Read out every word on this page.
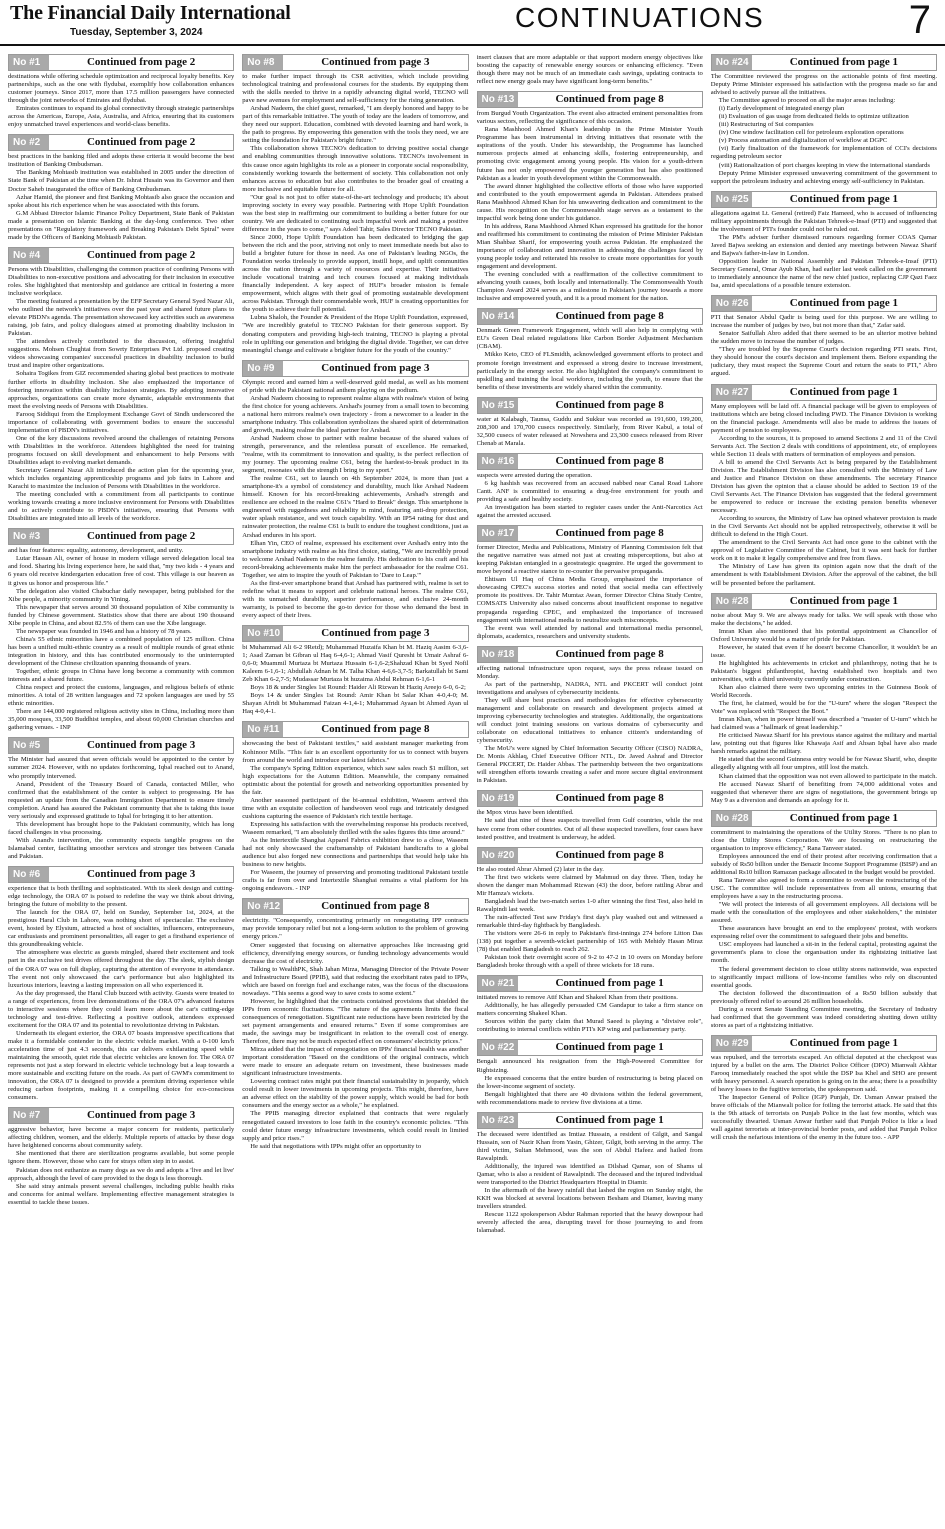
The Financial Daily International
Tuesday, September 3, 2024	CONTINUATIONS	7
No #1	Continued from page 2

destinations while offering schedule optimization and reciprocal loyalty benefits. Key partnerships, such as the one with flydubai, exemplify how collaboration enhances customer journeys. Since 2017, more than 17.5 million passengers have connected through the joint networks of Emirates and flydubai.

Emirates continues to expand its global connectivity through strategic partnerships across the Americas, Europe, Asia, Australia, and Africa, ensuring that its customers enjoy unmatched travel experiences and world-class benefits.

No #2	Continued from page 2

best practices in the banking filed and adopts these criteria it would become the best institution of Banking Ombudsman.

The Banking Mohtasib institution was established in 2005 under the direction of State Bank of Pakistan at the time when Dr. Ishrat Husain was its Governor and then Doctor Saheb inaugurated the office of Banking Ombudsman.

Azhar Hamid, the pioneer and first Banking Mohtasib also grace the occasion and spoke about his rich experience when he was associated with this forum.

G.M Abbasi Director Islamic Finance Policy Department, State Bank of Pakistan made a presentation on Islamic Banking at the day-long conference. Two other presentations on "Regulatory framework and Breaking Pakistan's Debt Spiral" were made by the Officers of Banking Mohtasib Pakistan.

No #4	Continued from page 2

Persons with Disabilities, challenging the common practice of confining Persons with Disabilities to non-executive positions and advocating for their inclusion in executive roles. She highlighted that mentorship and guidance are critical in fostering a more inclusive workplace.

The meeting featured a presentation by the EFP Secretary General Syed Nazar Ali, who outlined the network's initiatives over the past year and shared future plans to elevate PBDN's agenda. The presentation showcased key activities such as awareness raising, job fairs, and policy dialogues aimed at promoting disability inclusion in Pakistan.

The attendees actively contributed to the discussion, offering insightful suggestions. Mohsen Chughtai from Sowrty Enterprises Pvt Ltd. proposed creating videos showcasing companies' successful practices in disability inclusion to build trust and inspire other organizations.

Sohaira Togikes from GIZ recommended sharing global best practices to motivate further efforts in disability inclusion. She also emphasized the importance of fostering innovation within disability inclusion strategies. By adopting innovative approaches, organizations can create more dynamic, adaptable environments that meet the evolving needs of Persons with Disabilities.

Farooq Siddiqui from the Employment Exchange Govt of Sindh underscored the importance of collaborating with government bodies to ensure the successful implementation of PBDN's initiatives.

One of the key discussions revolved around the challenges of retaining Persons with Disabilities in the workforce. Attendees highlighted the need for training programs focused on skill development and enhancement to help Persons with Disabilities adapt to evolving market demands.

Secretary General Nazar Ali introduced the action plan for the upcoming year, which includes organizing apprenticeship programs and job fairs in Lahore and Karachi to maximize the inclusion of Persons with Disabilities in the workforce.

The meeting concluded with a commitment from all participants to continue working towards creating a more inclusive environment for Persons with Disabilities and to actively contribute to PBDN's initiatives, ensuring that Persons with Disabilities are integrated into all levels of the workforce.

No #3	Continued from page 2

and has four features: equality, autonomy, development, and unity.

Lutar Hassan Ali, owner of house in modern village served delegation local tea and food. Sharing his living experience here, he said that, "my two kids - 4 years and 6 years old receive kindergarten education free of cost. This village is our heaven as it gives us honor and prosperous life."

The delegation also visited Chabuchar daily newspaper, being published for the Xibe people, a minority community in Yining.

This newspaper that serves around 30 thousand population of Xibe community is funded by Chinese government. Statistics show that there are about 190 thousand Xibe people in China, and about 82.5% of them can use the Xibe language.

The newspaper was founded in 1946 and has a history of 78 years.

China's 55 ethnic minorities have a combined population of 125 million. China has been a unified multi-ethnic country as a result of multiple rounds of great ethnic integration in history, and this has contributed enormously to the uninterrupted development of the Chinese civilization spanning thousands of years.

Together, ethnic groups in China have long become a community with common interests and a shared future.

China respect and protect the customs, languages, and religious beliefs of ethnic minorities. A total of 28 written languages and 72 spoken languages are used by 55 ethnic minorities.

There are 144,000 registered religious activity sites in China, including more than 35,000 mosques, 33,500 Buddhist temples, and about 60,000 Christian churches and gathering venues. - INP

No #5	Continued from page 3

The Minister had assured that seven officials would be appointed to the center by summer 2024. However, with no updates forthcoming, Iqbal reached out to Anand, who promptly intervened.

Anand, President of the Treasury Board of Canada, contacted Miller, who confirmed that the establishment of the center is subject to progressing. He has requested an update from the Canadian Immigration Department to ensure timely completion. Anand has assured the Pakistani community that she is taking this issue very seriously and expressed gratitude to Iqbal for bringing it to her attention.

This development has brought hope to the Pakistani community, which has long faced challenges in visa processing.

With Anand's intervention, the community expects tangible progress on the Islamabad center, facilitating smoother services and stronger ties between Canada and Pakistan.

No #6	Continued from page 3

experience that is both thrilling and sophisticated. With its sleek design and cutting-edge technology, the ORA 07 is poised to redefine the way we think about driving, bringing the future of mobility to the present.

The launch for the ORA 07, held on Sunday, September 1st, 2024, at the prestigious Haral Club in Lahore, was nothing short of spectacular. The exclusive event, hosted by Elysium, attracted a host of socialites, influencers, entrepreneurs, car enthusiasts and prominent personalities, all eager to get a firsthand experience of this groundbreaking vehicle.

The atmosphere was electric as guests mingled, shared their excitement and took part in the exclusive test drives offered throughout the day. The sleek, stylish design of the ORA 07 was on full display, capturing the attention of everyone in attendance. The event not only showcased the car's performance but also highlighted its luxurious interiors, leaving a lasting impression on all who experienced it.

As the day progressed, the Haral Club buzzed with activity. Guests were treated to a range of experiences, from live demonstrations of the ORA 07's advanced features to interactive sessions where they could learn more about the car's cutting-edge technology and test-drive. Reflecting a positive outlook, attendees expressed excitement for the ORA 07 and its potential to revolutionize driving in Pakistan.

Underneath its elegant exterior, the ORA 07 boasts impressive specifications that make it a formidable contender in the electric vehicle market. With a 0-100 km/h acceleration time of just 4.3 seconds, this car delivers exhilarating speed while maintaining the smooth, quiet ride that electric vehicles are known for. The ORA 07 represents not just a step forward in electric vehicle technology but a leap towards a more sustainable and exciting future on the roads. As part of GWM's commitment to innovation, the ORA 07 is designed to provide a premium driving experience while reducing carbon footprints, making it a compelling choice for eco-conscious consumers.

No #7	Continued from page 3

aggressive behavior, have become a major concern for residents, particularly affecting children, women, and the elderly. Multiple reports of attacks by these dogs have heightened concerns about community safety.

She mentioned that there are sterilization programs available, but some people ignore them. However, those who care for strays often step in to assist.

Pakistan does not euthanize as many dogs as we do and adopts a 'live and let live' approach, although the level of care provided to the dogs is less thorough.

She said stray animals present several challenges, including public health risks and concerns for animal welfare. Implementing effective management strategies is essential to tackle these issues.

No #8	Continued from page 3

to make further impact through its CSR activities, which include providing technological training and professional courses for the students. By equipping them with the skills needed to thrive in a rapidly advancing digital world, TECNO will pave new avenues for employment and self-sufficiency for the rising generation.

Arshad Nadeem, the chief guest, remarked, "I am deeply honored and happy to be part of this remarkable initiative. The youth of today are the leaders of tomorrow, and they need our support. Education, combined with devoted learning and hard work, is the path to progress. By empowering this generation with the tools they need, we are setting the foundation for Pakistan's bright future."

This collaboration shows TECNO's dedication to driving positive social change and enabling communities through innovative solutions. TECNO's involvement in this cause once again highlights its role as a pioneer in corporate social responsibility, consistently working towards the betterment of society. This collaboration not only enhances access to education but also contributes to the broader goal of creating a more inclusive and equitable future for all.

"Our goal is not just to offer state-of-the-art technology and products; it's about improving society in every way possible. Partnering with Hope Uplift Foundation was the best step in reaffirming our commitment to building a better future for our country. We are dedicated to continuing such impactful work and making a positive difference in the years to come," says Adeel Tahir, Sales Director TECNO Pakistan.

Since 2000, Hope Uplift Foundation has been dedicated to bridging the gap between the rich and the poor, striving not only to meet immediate needs but also to build a brighter future for those in need. As one of Pakistan's leading NGOs, the Foundation works tirelessly to provide support, instill hope, and uplift communities across the nation through a variety of resources and expertise. Their initiatives include vocational training and tech courses focused at making individuals financially independent. A key aspect of HUF's broader mission is female empowerment, which aligns with their goal of promoting sustainable development across Pakistan. Through their commendable work, HUF is creating opportunities for the youth to achieve their full potential.

Lubna Shaloh, the Founder & President of the Hope Uplift Foundation, expressed, "We are incredibly grateful to TECNO Pakistan for their generous support. By donating computers and providing high-tech training, TECNO is playing a pivotal role in uplifting our generation and bridging the digital divide. Together, we can drive meaningful change and cultivate a brighter future for the youth of the country."

No #9	Continued from page 3

Olympic record and earned him a well-deserved gold medal, as well as his moment of pride with the Pakistani national anthem playing on the podium.

Arshad Nadeem choosing to represent realme aligns with realme's vision of being the first choice for young achievers. Arshad's journey from a small town to becoming a national hero mirrors realme's own trajectory - from a newcomer to a leader in the smartphone industry. This collaboration symbolizes the shared spirit of determination and growth, making realme the ideal partner for Arshad.

Arshad Nadeem chose to partner with realme because of the shared values of strength, perseverance, and the relentless pursuit of excellence. He remarked, "realme, with its commitment to innovation and quality, is the perfect reflection of my journey. The upcoming realme C61, being the hardest-to-break product in its segment, resonates with the strength I bring to my sport."

The realme C61, set to launch on 4th September 2024, is more than just a smartphone-it's a symbol of consistency and durability, much like Arshad Nadeem himself. Known for his record-breaking achievements, Arshad's strength and resilience are echoed in the realme C61's "Hard to Break" design. This smartphone is engineered with ruggedness and reliability in mind, featuring anti-drop protection, water splash resistance, and wet touch capability. With an IP54 rating for dust and rainwater protection, the realme C61 is built to endure the toughest conditions, just as Arshad endures in his sport.

Elhan Yin, CEO of realme, expressed his excitement over Arshad's entry into the smartphone industry with realme as his first choice, stating, "We are incredibly proud to welcome Arshad Nadeem to the realme family. His dedication to his craft and his record-breaking achievements make him the perfect ambassador for the realme C61. Together, we aim to inspire the youth of Pakistan to 'Dare to Leap.'"

As the first-ever smartphone brand that Arshad has partnered with, realme is set to redefine what it means to support and celebrate national heroes. The realme C61, with its unmatched durability, superior performance, and exclusive 24-month warranty, is poised to become the go-to device for those who demand the best in every aspect of their lives.

No #10	Continued from page 3

bi Muhammad Ali 6-2 9Retd); Muhammad Huzaifa Khan bt M. Haziq Aasim 6-3,6-1; Asad Zaman bt Gibran ul Haq 6-4,6-1; Ahmad Vasif Qureshi bt Umair Ashraf 6-0,6-0; Muammil Murtaza bt Murtaza Hussain 6-1,6-2;Shahzad Khan bt Syed Nofil Kaleem 6-1,6-1; Abdullah Adnan bt M. Talha Khan 4-6,6-3,7-5; Barkatullah bt Sami Zeb Khan 6-2,7-5; Mudassar Murtaza bt huzaima Abdul Rehman 6-1,6-1

Boys 18 & under Singles 1st Round: Haider Ali Rizwan bt Haziq Areejo 6-0, 6-2;

Boys 14 & under Singles 1st Round: Amir Khan bt Salar Khan 4-0,4-0; M. Shayan Afridi bt Muhammad Faizan 4-1,4-1; Muhammad Ayaan bt Ahmed Ayan ul Haq 4-0,4-1.

No #11	Continued from page 8

showcasing the best of Pakistani textiles," said assistant manager marketing from Kohinoor Mills. "This fair is an excellent opportunity for us to connect with buyers from around the world and introduce our latest fabrics."

The company's Spring Edition experience, which saw sales reach $1 million, set high expectations for the Autumn Edition. Meanwhile, the company remained optimistic about the potential for growth and networking opportunities presented by the fair.

Another seasoned participant of the bi-annual exhibition, Waseem arrived this time with an exquisite collection of handwoven wool rugs and intricately designed cushions capturing the essence of Pakistan's rich textile heritage.

Expressing his satisfaction with the overwhelming response his products received, Waseem remarked, "I am absolutely thrilled with the sales figures this time around."

As the Intertextile Shanghai Apparel Fabrics exhibition drew to a close, Waseem had not only showcased the craftsmanship of Pakistani handicrafts to a global audience but also forged new connections and partnerships that would help take his business to new heights.

For Waseem, the journey of preserving and promoting traditional Pakistani textile crafts is far from over and Intertextile Shanghai remains a vital platform for his ongoing endeavors. - INP

No #12	Continued from page 8

electricity. "Consequently, concentrating primarily on renegotiating IPP contracts may provide temporary relief but not a long-term solution to the problem of growing energy prices."

Omer suggested that focusing on alternative approaches like increasing grid efficiency, diversifying energy sources, or funding technology advancements would decrease the cost of electricity.

Talking to WealthPK, Shah Jahan Mirza, Managing Director of the Private Power and Infrastructure Board (PPIB), said that reducing the exorbitant rates paid to IPPs, which are based on foreign fuel and exchange rates, was the focus of the discussions nowadays. "This seems a good way to save costs to some extent."

However, he highlighted that the contracts contained provisions that shielded the IPPs from economic fluctuations. "The nature of the agreements limits the fiscal consequences of renegotiation. Significant rate reductions have been restricted by the set payment arrangements and ensured returns." Even if some compromises are made, the savings may be insignificant in relation to the overall cost of energy. Therefore, there may not be much expected effect on consumers' electricity prices."

Mirza added that the impact of renegotiation on IPPs' financial health was another important consideration "Based on the conditions of the original contracts, which were made to ensure an adequate return on investment, these businesses made significant infrastructure investments.

Lowering contract rates might put their financial sustainability in jeopardy, which could result in lower investments in upcoming projects. This might, therefore, have an adverse effect on the stability of the power supply, which would be bad for both consumers and the energy sector as a whole," he explained.

The PPIB managing director explained that contracts that were regularly renegotiated caused investors to lose faith in the country's economic policies. "This could deter future energy infrastructure investments, which could result in limited supply and price rises."

He said that negotiations with IPPs might offer an opportunity to

insert clauses that are more adaptable or that support modern energy objectives like boosting the capacity of renewable energy sources or enhancing efficiency. "Even though there may not be much of an immediate cash savings, updating contracts to reflect new energy goals may have significant long-term benefits."

No #13	Continued from page 8

from Burgud Youth Organization. The event also attracted eminent personalities from various sectors, reflecting the significance of this occasion.

Rana Mashhood Ahmed Khan's leadership in the Prime Minister Youth Programme has been instrumental in driving initiatives that resonate with the aspirations of the youth. Under his stewardship, the Programme has launched numerous projects aimed at enhancing skills, fostering entrepreneurship, and promoting civic engagement among young people. His vision for a youth-driven future has not only empowered the younger generation but has also positioned Pakistan as a leader in youth development within the Commonwealth.

The award dinner highlighted the collective efforts of those who have supported and contributed to the youth empowerment agenda in Pakistan. Attendees praised Rana Mashhood Ahmed Khan for his unwavering dedication and commitment to the cause. His recognition on the Commonwealth stage serves as a testament to the impactful work being done under his guidance.

In his address, Rana Mashhood Ahmed Khan expressed his gratitude for the honor and reaffirmed his commitment to continuing the mission of Prime Minister Pakistan Mian Shahbaz Sharif, for empowering youth across Pakistan. He emphasized the importance of collaboration and innovation in addressing the challenges faced by young people today and reiterated his resolve to create more opportunities for youth engagement and development.

The evening concluded with a reaffirmation of the collective commitment to advancing youth causes, both locally and internationally. The Commonwealth Youth Champion Award 2024 serves as a milestone in Pakistan's journey towards a more inclusive and empowered youth, and it is a proud moment for the nation.

No #14	Continued from page 8

Denmark Green Framework Engagement, which will also help in complying with EU's Green Deal related regulations like Carbon Border Adjustment Mechanism (CBAM).

Mikko Keto, CEO of FLSmidth, acknowledged government efforts to protect and promote foreign investment and expressed a strong desire to increase investment, particularly in the energy sector. He also highlighted the company's commitment to upskilling and training the local workforce, including the youth, to ensure that the benefits of these investments are widely shared within the community.

No #15	Continued from page 8

water at Kalabagh, Taunsa, Guddu and Sukkur was recorded as 191,600, 199,200, 208,300 and 170,700 cusecs respectively. Similarly, from River Kabul, a total of 32,500 cusecs of water released at Nowshera and 23,300 cusecs released from River Chenab at Marala.

No #16	Continued from page 8

suspects were arrested during the operation.

6 kg hashish was recovered from an accused nabbed near Canal Road Lahore Cantt. ANF is committed to ensuring a drug-free environment for youth and providing a safe and healthy society.

An investigation has been started to register cases under the Anti-Narcotics Act against the arrested accused.

No #17	Continued from page 8

former Director, Media and Publications, Ministry of Planning Commission felt that the negative narrative was aimed not just at creating misperceptions, but also at keeping Pakistan entangled in a geostrategic quagmire. He urged the government to move beyond a reactive stance to re-counter the pervasive propaganda.

Ehtisam Ul Haq of China Media Group, emphasized the importance of showcasing CPEC's success stories and noted that social media can effectively promote its positives. Dr. Tahir Mumtaz Awan, former Director China Study Centre, COMSATS University also raised concerns about insufficient response to negative propaganda regarding CPEC, and emphasized the importance of increased engagement with international media to neutralize such misconcepts.

The event was well attended by national and international media personnel, diplomats, academics, researchers and university students.

No #18	Continued from page 8

affecting national infrastructure upon request, says the press release issued on Monday.

As part of the partnership, NADRA, NTL and PKCERT will conduct joint investigations and analyses of cybersecurity incidents.

They will share best practices and methodologies for effective cybersecurity management and collaborate on research and development projects aimed at improving cybersecurity technologies and strategies. Additionally, the organizations will conduct joint training sessions on various domains of cybersecurity and collaborate on educational initiatives to enhance citizen's understanding of cybersecurity.

The MoU's were signed by Chief Information Security Officer (CISO) NADRA, Dr. Monis Akhlaq, Chief Executive Officer NTL, Dr. Javed Ashraf and Director General PKCERT, Dr. Haider Abbas. The partnership between the two organizations will strengthen efforts towards creating a safer and more secure digital environment in Pakistan.

No #19	Continued from page 8

the Mpox virus have been identified.

He said that nine of these suspects travelled from Gulf countries, while the rest have come from other countries. Out of all these suspected travellers, four cases have tested positive, and treatment is underway, he added.

No #20	Continued from page 8

He also routed Abrar Ahmed (2) later in the day.

The first two wickets were claimed by Mahmud on day three. Then, today he shown the danger man Mohammad Rizwan (43) the door, before rattling Abrar and Mir Hamza's wickets.

Bangladesh lead the two-match series 1-0 after winning the first Test, also held in Rawalpindi last week.

The rain-affected Test saw Friday's first day's play washed out and witnessed a remarkable third-day fightback by Bangladesh.

The visitors were 26-6 in reply to Pakistan's first-innings 274 before Litton Das (138) put together a seventh-wicket partnership of 165 with Mehidy Hasan Miraz (78) that enabled Bangladesh to reach 262.

Pakistan took their overnight score of 9-2 to 47-2 in 10 overs on Monday before Bangladesh broke through with a spell of three wickets for 18 runs.

No #21	Continued from page 1

initiated moves to remove Atif Khan and Shakeel Khan from their positions.

Additionally, he has allegedly persuaded CM Gandapur to take a firm stance on matters concerning Shakeel Khan.

Sources within the party claim that Murad Saeed is playing a "divisive role", contributing to internal conflicts within PTI's KP wing and parliamentary party.

No #22	Continued from page 1

Bengali announced his resignation from the High-Powered Committee for Rightsizing.

He expressed concerns that the entire burden of restructuring is being placed on the lower-income segment of society.

Bengali highlighted that there are 40 divisions within the federal government, with recommendations made to review five divisions at a time.

No #23	Continued from page 1

The deceased were identified as Imtiaz Hussain, a resident of Gilgit, and Sangal Hussain, son of Nazir Khan from Yasin, Ghizer, Gilgit, both serving in the army. The third victim, Sultan Mehmood, was the son of Abdul Hafeez and hailed from Rawalpindi.

Additionally, the injured was identified as Dilshad Qamar, son of Shams ul Qamar, who is also a resident of Rawalpindi. The deceased and the injured individual were transported to the District Headquarters Hospital in Diamir.

In the aftermath of the heavy rainfall that lashed the region on Sunday night, the KKH was blocked at several locations between Besham and Diamer, leaving many travellers stranded.

Rescue 1122 spokesperson Abdur Rahman reported that the heavy downpour had severely affected the area, disrupting travel for those journeying to and from Islamabad.

No #24	Continued from page 1

The Committee reviewed the progress on the actionable points of first meeting. Deputy Prime Minister expressed his satisfaction with the progress made so far and advised to actively pursue all the initiatives.

The Committee agreed to proceed on all the major areas including:

(i) Early development of integrated energy plan

(ii) Evaluation of gas usage from dedicated fields to optimize utilization

(iii) Restructuring of Sui companies

(iv) One window facilitation cell for petroleum exploration operations

(v) Process automation and digitalization of workflow at DGPC

(vi) Early finalization of the framework for implementation of CCI's decisions regarding petroleum sector

(viii) Rationalization of port charges keeping in view the international standards

Deputy Prime Minister expressed unwavering commitment of the government to support the petroleum industry and achieving energy self-sufficiency in Pakistan.

No #25	Continued from page 1

allegations against Lt. General (retired) Faiz Hameed, who is accused of influencing military appointments through the Pakistan Tehreek-e-Insaf (PTI) and suggested that the involvement of PTI's founder could not be ruled out.

The PM's adviser further dismissed rumours regarding former COAS Qamar Javed Bajwa seeking an extension and denied any meetings between Nawaz Sharif and Bajwa's father-in-law in London.

Opposition leader in National Assembly and Pakistan Tehreek-e-Insaf (PTI) Secretary General, Omar Ayub Khan, had earlier last week called on the government to immediately announce the name of the new chief justice, replacing CJP Qazi Faez Isa, amid speculations of a possible tenure extension.

No #26	Continued from page 1

PTI that Senator Abdul Qadir is being used for this purpose. We are willing to increase the number of judges by two, but not more than that," Zafar said.

Senator Saifullah Abro added that there seemed to be an ulterior motive behind the sudden move to increase the number of judges.

"They are troubled by the Supreme Court's decision regarding PTI seats. First, they should honour the court's decision and implement them. Before expanding the judiciary, they must respect the Supreme Court and return the seats to PTI," Abro argued.

No #27	Continued from page 1

Many employees will be laid off. A financial package will be given to employees of institutions which are being closed including PWD. The Finance Division is working on the financial package. Amendments will also be made to address the issues of payment of pension to employees.

According to the sources, it is proposed to amend Sections 2 and 11 of the Civil Servants Act. The Section 2 deals with conditions of appointment, etc, of employees while Section 11 deals with matters of termination of employees and pension.

A bill to amend the Civil Servants Act is being prepared by the Establishment Division. The Establishment Division has also consulted with the Ministry of Law and Justice and Finance Division on these amendments. The secretary Finance Division has given the opinion that a clause should be added to Section 19 of the Civil Servants Act. The Finance Division has suggested that the federal government be empowered to reduce or increase the existing pension benefits whenever necessary.

According to sources, the Ministry of Law has opined whatever provision is made in the Civil Servants Act should not be applied retrospectively, otherwise it will be difficult to defend in the High Court.

The amendment to the Civil Servants Act had once gone to the cabinet with the approval of Legislative Committee of the Cabinet, but it was sent back for further work on it to make it legally comprehensive and free from flaws.

The Ministry of Law has given its opinion again now that the draft of the amendment is with Establishment Division. After the approval of the cabinet, the bill will be presented before the parliament.

No #28	Continued from page 1

noise about May 9. We are always ready for talks. We will speak with those who make the decisions," he added.

Imran Khan also mentioned that his potential appointment as Chancellor of Oxford University would be a matter of pride for Pakistan.

However, he stated that even if he doesn't become Chancellor, it wouldn't be an issue.

He highlighted his achievements in cricket and philanthropy, noting that he is Pakistan's biggest philanthropist, having established two hospitals and two universities, with a third university currently under construction.

Khan also claimed there were two upcoming entries in the Guinness Book of World Records.

The first, he claimed, would be for the "U-turn" where the slogan "Respect the Vote" was replaced with "Respect the Boot."

Imran Khan, when in power himself was described a "master of U-turn" which he had claimed was a "hallmark of great leadership."

He criticised Nawaz Sharif for his previous stance against the military and martial law, pointing out that figures like Khawaja Asif and Ahsan Iqbal have also made harsh remarks against the military.

He stated that the second Guinness entry would be for Nawaz Sharif, who, despite allegedly aligning with all four umpires, still lost the match.

Khan claimed that the opposition was not even allowed to participate in the match.

He accused Nawaz Sharif of benefiting from 74,000 additional votes and suggested that whenever there are signs of negotiations, the government brings up May 9 as a diversion and demands an apology for it.

No #28	Continued from page 1

commitment to maintaining the operations of the Utility Stores. "There is no plan to close the Utility Stores Corporation. We are focusing on restructuring the organisation to improve efficiency," Rana Tanveer stated.

Employees announced the end of their protest after receiving confirmation that a subsidy of Rs50 billion under the Benazir Income Support Programme (BISP) and an additional Rs10 billion Ramazan package allocated in the budget would be provided.

Rana Tanveer also agreed to form a committee to oversee the restructuring of the USC. The committee will include representatives from all unions, ensuring that employees have a say in the restructuring process.

"We will protect the interests of all government employees. All decisions will be made with the consultation of the employees and other stakeholders," the minister assured.

These assurances have brought an end to the employees' protest, with workers expressing relief over the commitment to safeguard their jobs and benefits.

USC employees had launched a sit-in in the federal capital, protesting against the government's plans to close the organisation under its rightsizing initiative last month.

The federal government decision to close utility stores nationwide, was expected to significantly impact millions of low-income families who rely on discounted essential goods.

The decision followed the discontinuation of a Rs50 billion subsidy that previously offered relief to around 26 million households.

During a recent Senate Standing Committee meeting, the Secretary of Industry had confirmed that the government was indeed considering shutting down utility stores as part of a rightsizing initiative.

No #29	Continued from page 1

was repulsed, and the terrorists escaped. An official deputed at the checkpost was injured by a bullet on the arm. The District Police Officer (DPO) Mianwali Akhtar Farooq immediately reached the spot while the DSP Isa Khel and SHO are present with heavy personnel. A search operation is going on in the area; there is a possibility of heavy losses to the fugitive terrorists, the spokesperson said.

The Inspector General of Police (IGP) Punjab, Dr. Usman Anwar praised the brave officials of the Mianwali police for foiling the terrorist attack. He said that this is the 9th attack of terrorists on Punjab Police in the last few months, which was successfully thwarted. Usman Anwar further said that Punjab Police is like a lead wall against terrorists at inter-provincial border posts, and added that Punjab Police will crush the nefarious intentions of the enemy in the future too. - APP
